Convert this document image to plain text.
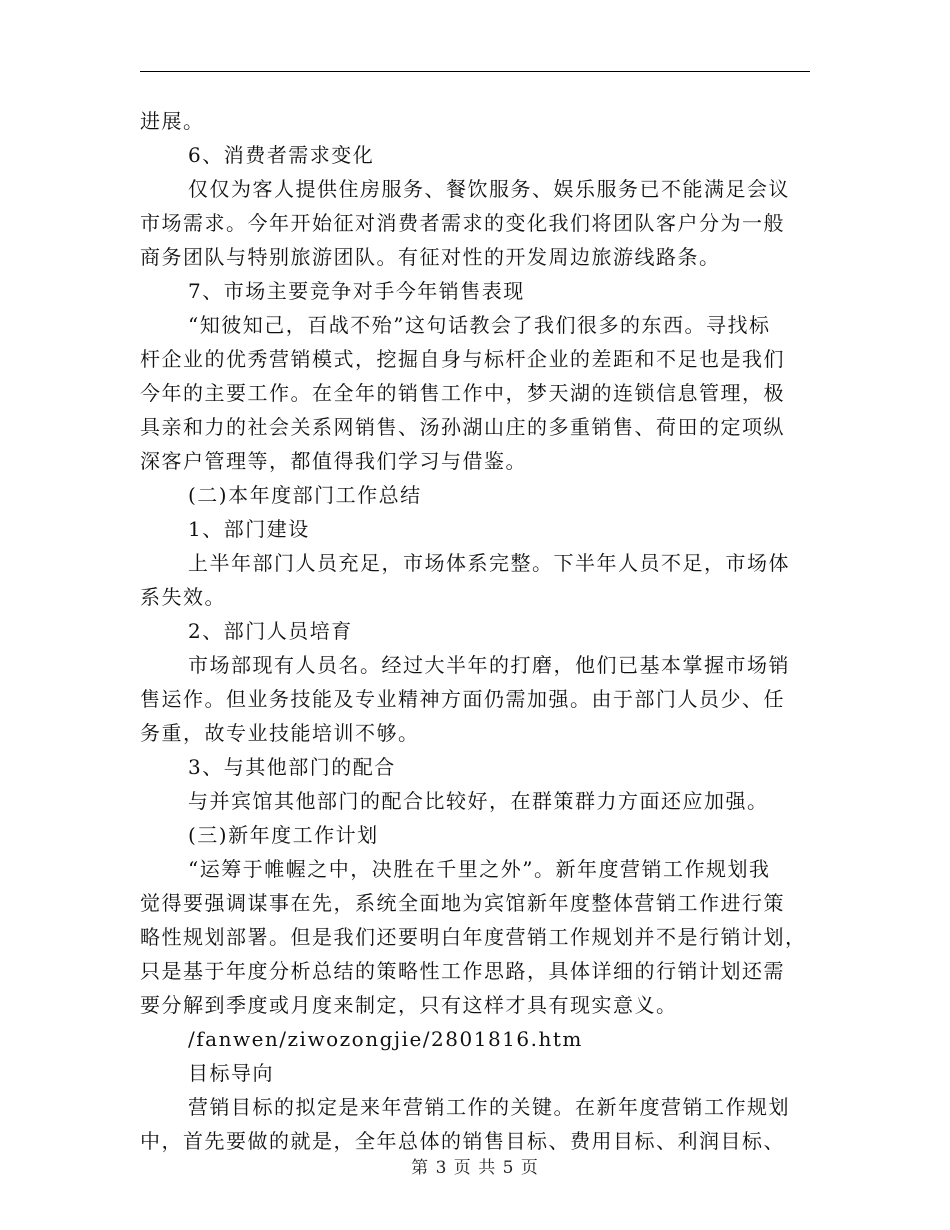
进展。
6、消费者需求变化
仅仅为客人提供住房服务、餐饮服务、娱乐服务已不能满足会议
市场需求。今年开始征对消费者需求的变化我们将团队客户分为一般
商务团队与特别旅游团队。有征对性的开发周边旅游线路条。
7、市场主要竞争对手今年销售表现
“知彼知己，百战不殆”这句话教会了我们很多的东西。寻找标
杆企业的优秀营销模式，挖掘自身与标杆企业的差距和不足也是我们
今年的主要工作。在全年的销售工作中，梦天湖的连锁信息管理，极
具亲和力的社会关系网销售、汤孙湖山庄的多重销售、荷田的定项纵
深客户管理等，都值得我们学习与借鉴。
(二)本年度部门工作总结
1、部门建设
上半年部门人员充足，市场体系完整。下半年人员不足，市场体
系失效。
2、部门人员培育
市场部现有人员名。经过大半年的打磨，他们已基本掌握市场销
售运作。但业务技能及专业精神方面仍需加强。由于部门人员少、任
务重，故专业技能培训不够。
3、与其他部门的配合
与并宾馆其他部门的配合比较好，在群策群力方面还应加强。
(三)新年度工作计划
“运筹于帷幄之中，决胜在千里之外”。新年度营销工作规划我
觉得要强调谋事在先，系统全面地为宾馆新年度整体营销工作进行策
略性规划部署。但是我们还要明白年度营销工作规划并不是行销计划，
只是基于年度分析总结的策略性工作思路，具体详细的行销计划还需
要分解到季度或月度来制定，只有这样才具有现实意义。
/fanwen/ziwozongjie/2801816.htm
目标导向
营销目标的拟定是来年营销工作的关键。在新年度营销工作规划
中，首先要做的就是，全年总体的销售目标、费用目标、利润目标、
第 3 页 共 5 页
